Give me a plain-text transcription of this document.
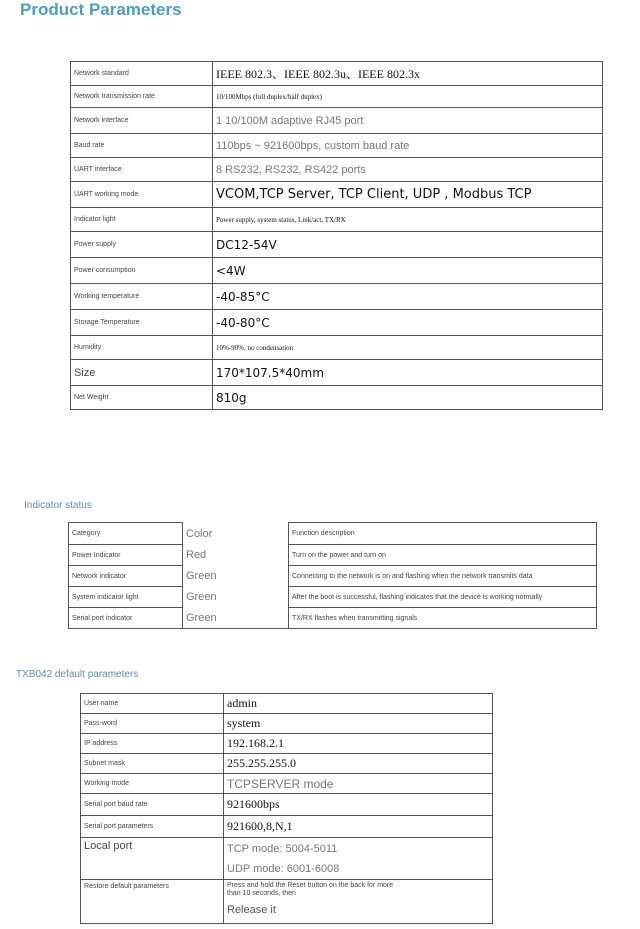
Product Parameters
Network standard	IEEE 802.3、IEEE 802.3u、IEEE 802.3x
Network transmission rate	10/100Mbps (full duplex/half duplex)
Network interface	1 10/100M adaptive RJ45 port
Baud rate	110bps ~ 921600bps, custom baud rate
UART interface	8 RS232, RS232, RS422 ports
UART working mode	VCOM,TCP Server, TCP Client, UDP , Modbus TCP
Indicator light	Power supply, system status, Link/act, TX/RX
Power supply	DC12-54V
Power consumption	<4W
Working temperature	-40-85°C
Storage Temperature	-40-80°C
Humidity	10%-90%, no condensation
Size	170*107.5*40mm
Net Weight	810g
Indicator status
Category	Color	Function description
Power Indicator	Red	Turn on the power and turn on
Network indicator	Green	Connecting to the network is on and flashing when the network transmits data
System indicator light	Green	After the boot is successful, flashing indicates that the device is working normally
Serial port indicator	Green	TX/RX flashes when transmitting signals
TXB042 default parameters
User name	admin
Pass-word	system
IP address	192.168.2.1
Subnet mask	255.255.255.0
Working mode	TCPSERVER mode
Serial port baud rate	921600bps
Serial port parameters	921600,8,N,1
Local port	TCP mode: 5004-5011
UDP mode: 6001-6008

Restore default parameters	Press and hold the Reset button on the back for more than 10 seconds, then
Release it
